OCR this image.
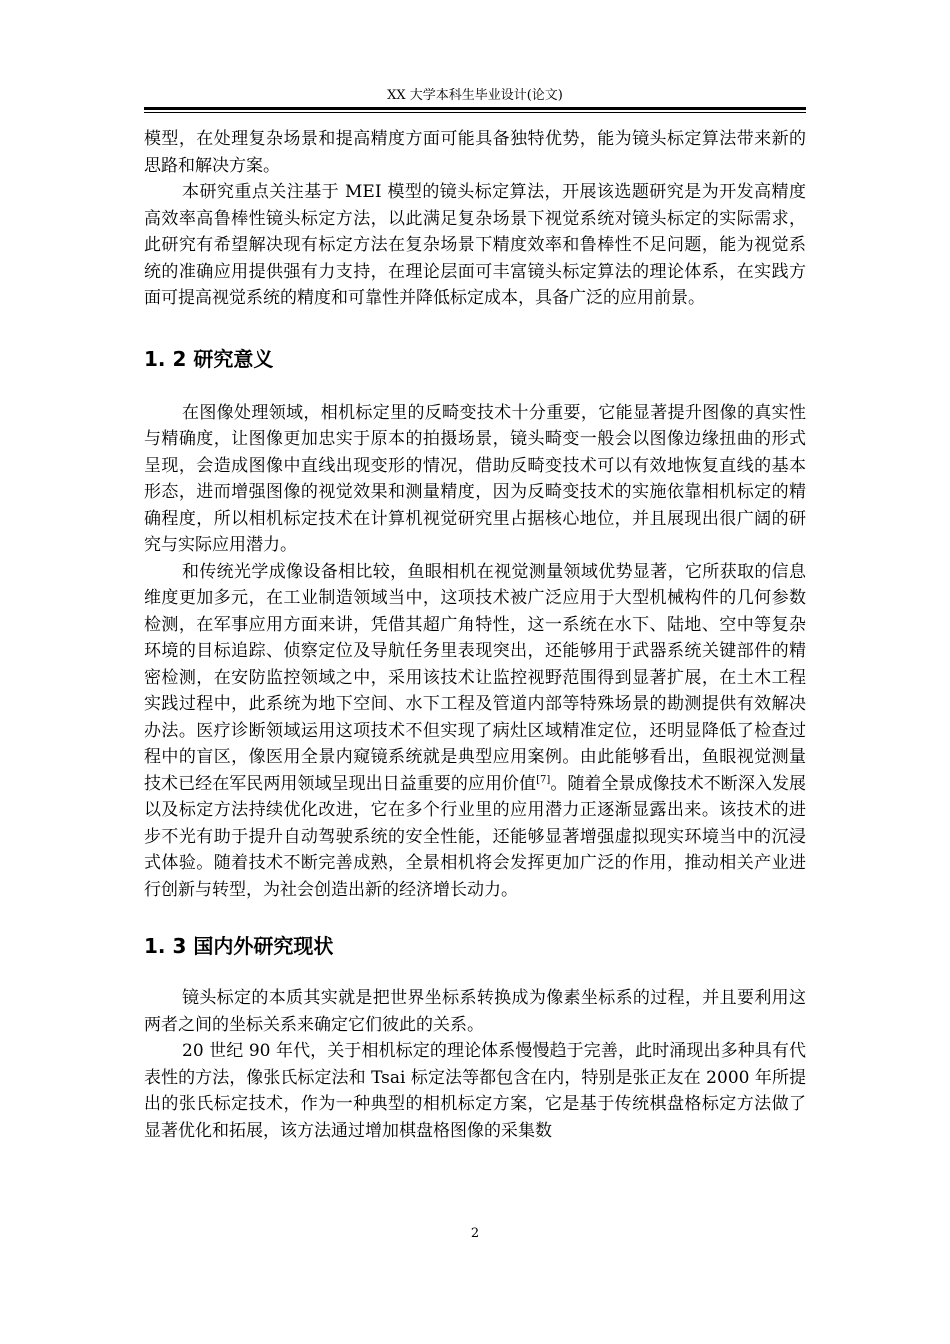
XX 大学本科生毕业设计(论文)

模型，在处理复杂场景和提高精度方面可能具备独特优势，能为镜头标定算法带来新的思路和解决方案。

本研究重点关注基于 MEI 模型的镜头标定算法，开展该选题研究是为开发高精度高效率高鲁棒性镜头标定方法，以此满足复杂场景下视觉系统对镜头标定的实际需求，此研究有希望解决现有标定方法在复杂场景下精度效率和鲁棒性不足问题，能为视觉系统的准确应用提供强有力支持，在理论层面可丰富镜头标定算法的理论体系，在实践方面可提高视觉系统的精度和可靠性并降低标定成本，具备广泛的应用前景。

1. 2 研究意义

在图像处理领域，相机标定里的反畸变技术十分重要，它能显著提升图像的真实性与精确度，让图像更加忠实于原本的拍摄场景，镜头畸变一般会以图像边缘扭曲的形式呈现，会造成图像中直线出现变形的情况，借助反畸变技术可以有效地恢复直线的基本形态，进而增强图像的视觉效果和测量精度，因为反畸变技术的实施依靠相机标定的精确程度，所以相机标定技术在计算机视觉研究里占据核心地位，并且展现出很广阔的研究与实际应用潜力。

和传统光学成像设备相比较，鱼眼相机在视觉测量领域优势显著，它所获取的信息维度更加多元，在工业制造领域当中，这项技术被广泛应用于大型机械构件的几何参数检测，在军事应用方面来讲，凭借其超广角特性，这一系统在水下、陆地、空中等复杂环境的目标追踪、侦察定位及导航任务里表现突出，还能够用于武器系统关键部件的精密检测，在安防监控领域之中，采用该技术让监控视野范围得到显著扩展，在土木工程实践过程中，此系统为地下空间、水下工程及管道内部等特殊场景的勘测提供有效解决办法。医疗诊断领域运用这项技术不但实现了病灶区域精准定位，还明显降低了检查过程中的盲区，像医用全景内窥镜系统就是典型应用案例。由此能够看出，鱼眼视觉测量技术已经在军民两用领域呈现出日益重要的应用价值[7]。随着全景成像技术不断深入发展以及标定方法持续优化改进，它在多个行业里的应用潜力正逐渐显露出来。该技术的进步不光有助于提升自动驾驶系统的安全性能，还能够显著增强虚拟现实环境当中的沉浸式体验。随着技术不断完善成熟，全景相机将会发挥更加广泛的作用，推动相关产业进行创新与转型，为社会创造出新的经济增长动力。

1. 3 国内外研究现状

镜头标定的本质其实就是把世界坐标系转换成为像素坐标系的过程，并且要利用这两者之间的坐标关系来确定它们彼此的关系。

20 世纪 90 年代，关于相机标定的理论体系慢慢趋于完善，此时涌现出多种具有代表性的方法，像张氏标定法和 Tsai 标定法等都包含在内，特别是张正友在 2000 年所提出的张氏标定技术，作为一种典型的相机标定方案，它是基于传统棋盘格标定方法做了显著优化和拓展，该方法通过增加棋盘格图像的采集数

2
